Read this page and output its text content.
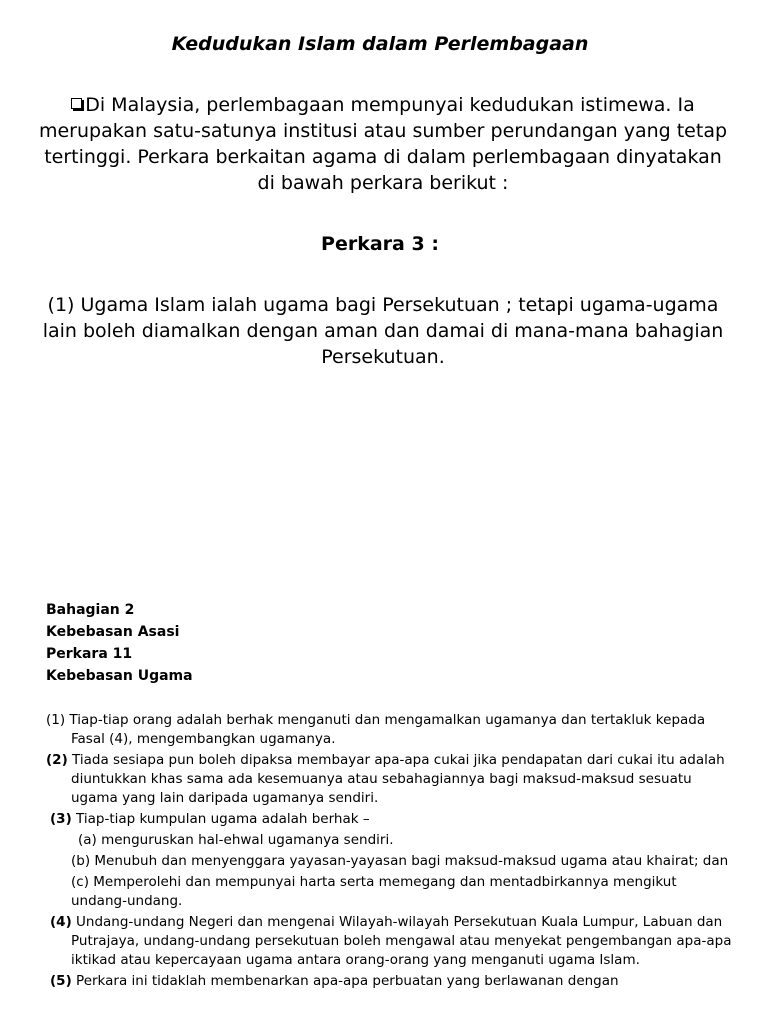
Kedudukan Islam dalam Perlembagaan
Di Malaysia, perlembagaan mempunyai kedudukan istimewa. Ia merupakan satu-satunya institusi atau sumber perundangan yang tetap tertinggi. Perkara berkaitan agama di dalam perlembagaan dinyatakan di bawah perkara berikut :
Perkara 3 :
(1) Ugama Islam ialah ugama bagi Persekutuan ; tetapi ugama-ugama lain boleh diamalkan dengan aman dan damai di mana-mana bahagian Persekutuan.
Bahagian 2
Kebebasan Asasi
Perkara 11
Kebebasan Ugama
(1) Tiap-tiap orang adalah berhak menganuti dan mengamalkan ugamanya dan tertakluk kepada Fasal (4), mengembangkan ugamanya.
(2) Tiada sesiapa pun boleh dipaksa membayar apa-apa cukai jika pendapatan dari cukai itu adalah diuntukkan khas sama ada kesemuanya atau sebahagiannya bagi maksud-maksud sesuatu ugama yang lain daripada ugamanya sendiri.
(3) Tiap-tiap kumpulan ugama adalah berhak –
(a) menguruskan hal-ehwal ugamanya sendiri.
(b) Menubuh dan menyenggara yayasan-yayasan bagi maksud-maksud ugama atau khairat; dan
(c) Memperolehi dan mempunyai harta serta memegang dan mentadbirkannya mengikut undang-undang.
(4) Undang-undang Negeri dan mengenai Wilayah-wilayah Persekutuan Kuala Lumpur, Labuan dan Putrajaya, undang-undang persekutuan boleh mengawal atau menyekat pengembangan apa-apa iktikad atau kepercayaan ugama antara orang-orang yang menganuti ugama Islam.
(5) Perkara ini tidaklah membenarkan apa-apa perbuatan yang berlawanan dengan
